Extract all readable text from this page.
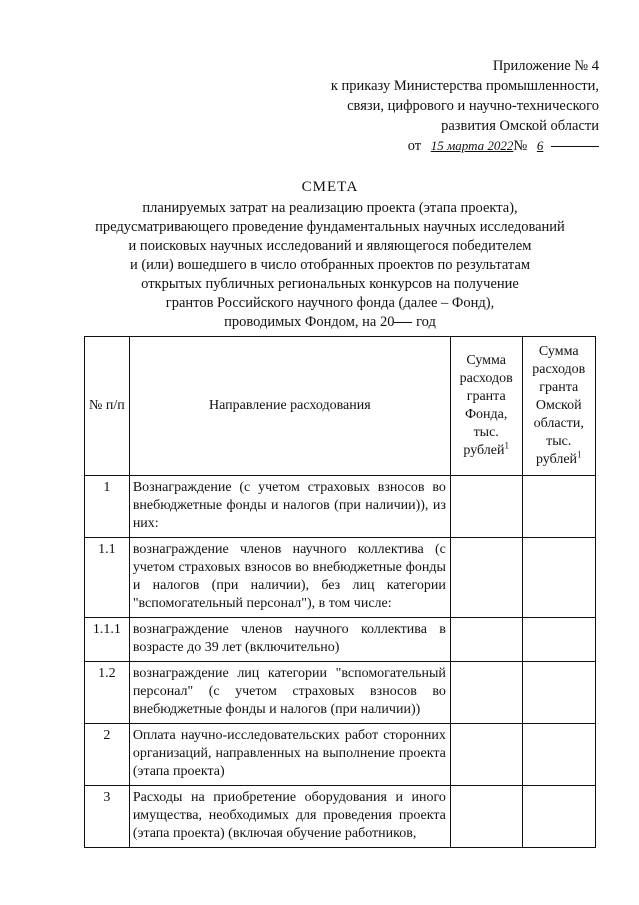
Приложение № 4
к приказу Министерства промышленности,
связи, цифрового и научно-технического
развития Омской области
от 15 марта 2022№ 6
СМЕТА
планируемых затрат на реализацию проекта (этапа проекта),
предусматривающего проведение фундаментальных научных исследований
и поисковых научных исследований и являющегося победителем
и (или) вошедшего в число отобранных проектов по результатам
открытых публичных региональных конкурсов на получение
грантов Российского научного фонда (далее – Фонд),
проводимых Фондом, на 20 год
№ п/п	Направление расходования	Сумма расходов гранта Фонда, тыс. рублей$^1$	Сумма расходов гранта Омской области, тыс. рублей$^1$
1	Вознаграждение (с учетом страховых взносов во внебюджетные фонды и налогов (при наличии)), из них:		
1.1	вознаграждение членов научного коллектива (с учетом страховых взносов во внебюджетные фонды и налогов (при наличии), без лиц категории "вспомогательный персонал"), в том числе:		
1.1.1	вознаграждение членов научного коллектива в возрасте до 39 лет (включительно)		
1.2	вознаграждение лиц категории "вспомогательный персонал" (с учетом страховых взносов во внебюджетные фонды и налогов (при наличии))		
2	Оплата научно-исследовательских работ сторонних организаций, направленных на выполнение проекта (этапа проекта)		
3	Расходы на приобретение оборудования и иного имущества, необходимых для проведения проекта (этапа проекта) (включая обучение работников,		
